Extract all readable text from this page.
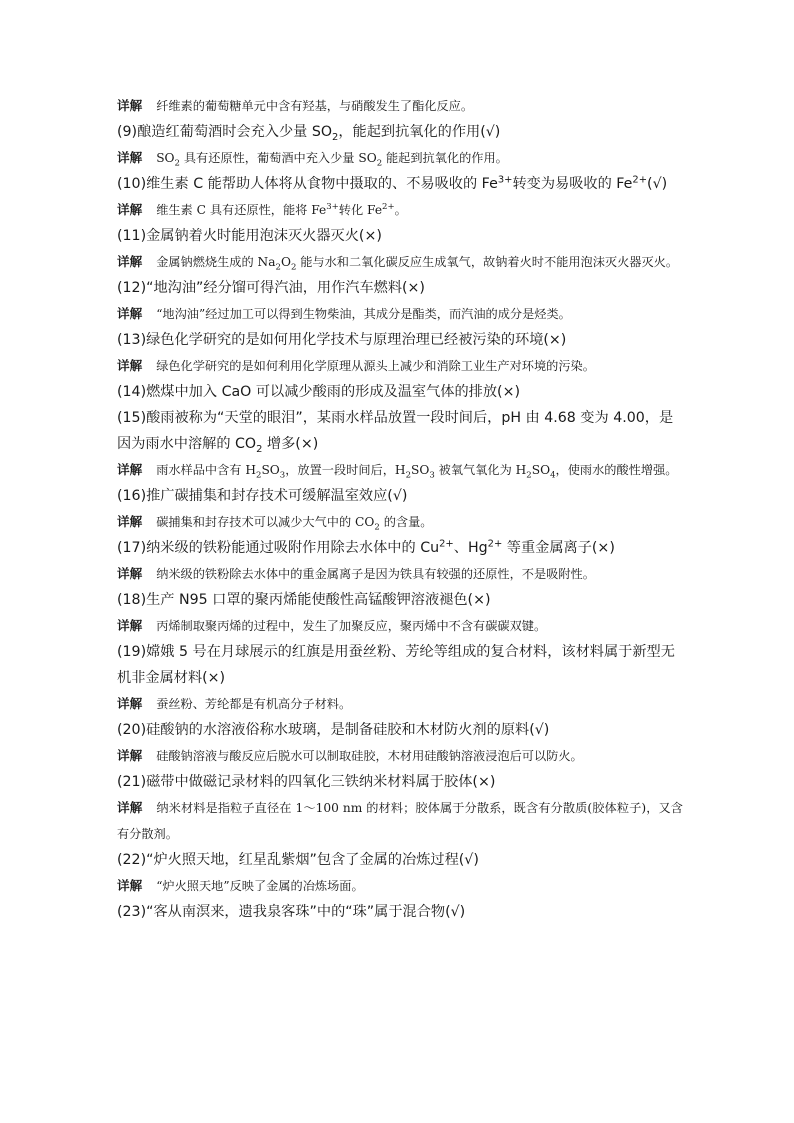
详解 纤维素的葡萄糖单元中含有羟基，与硝酸发生了酯化反应。

(9)酿造红葡萄酒时会充入少量 $SO_2$，能起到抗氧化的作用(√)

详解 $SO_2$ 具有还原性，葡萄酒中充入少量 $SO_2$ 能起到抗氧化的作用。

(10)维生素 C 能帮助人体将从食物中摄取的、不易吸收的 $Fe^{3+}$转变为易吸收的 $Fe^{2+}(√)$

详解 维生素 C 具有还原性，能将 $Fe^{3+}$转化 $Fe^{2+}$。

(11)金属钠着火时能用泡沫灭火器灭火(×)

详解 金属钠燃烧生成的 $Na_2O_2$ 能与水和二氧化碳反应生成氧气，故钠着火时不能用泡沫灭火器灭火。

(12)“地沟油”经分馏可得汽油，用作汽车燃料(×)

详解 “地沟油”经过加工可以得到生物柴油，其成分是酯类，而汽油的成分是烃类。

(13)绿色化学研究的是如何用化学技术与原理治理已经被污染的环境(×)

详解 绿色化学研究的是如何利用化学原理从源头上减少和消除工业生产对环境的污染。

(14)燃煤中加入 CaO 可以减少酸雨的形成及温室气体的排放(×)

(15)酸雨被称为“天堂的眼泪”，某雨水样品放置一段时间后，pH 由 4.68 变为 4.00，是因为雨水中溶解的 $CO_2$ 增多(×)

详解 雨水样品中含有 $H_2SO_3$，放置一段时间后，$H_2SO_3$ 被氧气氧化为 $H_2SO_4$，使雨水的酸性增强。

(16)推广碳捕集和封存技术可缓解温室效应(√)

详解 碳捕集和封存技术可以减少大气中的 $CO_2$ 的含量。

(17)纳米级的铁粉能通过吸附作用除去水体中的 $Cu^{2+}$、$Hg^{2+}$ 等重金属离子(×)

详解 纳米级的铁粉除去水体中的重金属离子是因为铁具有较强的还原性，不是吸附性。

(18)生产 N95 口罩的聚丙烯能使酸性高锰酸钾溶液褪色(×)

详解 丙烯制取聚丙烯的过程中，发生了加聚反应，聚丙烯中不含有碳碳双键。

(19)嫦娥 5 号在月球展示的红旗是用蚕丝粉、芳纶等组成的复合材料，该材料属于新型无机非金属材料(×)

详解 蚕丝粉、芳纶都是有机高分子材料。

(20)硅酸钠的水溶液俗称水玻璃，是制备硅胶和木材防火剂的原料(√)

详解 硅酸钠溶液与酸反应后脱水可以制取硅胶，木材用硅酸钠溶液浸泡后可以防火。

(21)磁带中做磁记录材料的四氧化三铁纳米材料属于胶体(×)

详解 纳米材料是指粒子直径在 1～100 nm 的材料；胶体属于分散系，既含有分散质(胶体粒子)，又含有分散剂。

(22)“炉火照天地，红星乱紫烟”包含了金属的冶炼过程(√)

详解 “炉火照天地”反映了金属的冶炼场面。

(23)“客从南溟来，遗我泉客珠”中的“珠”属于混合物(√)
